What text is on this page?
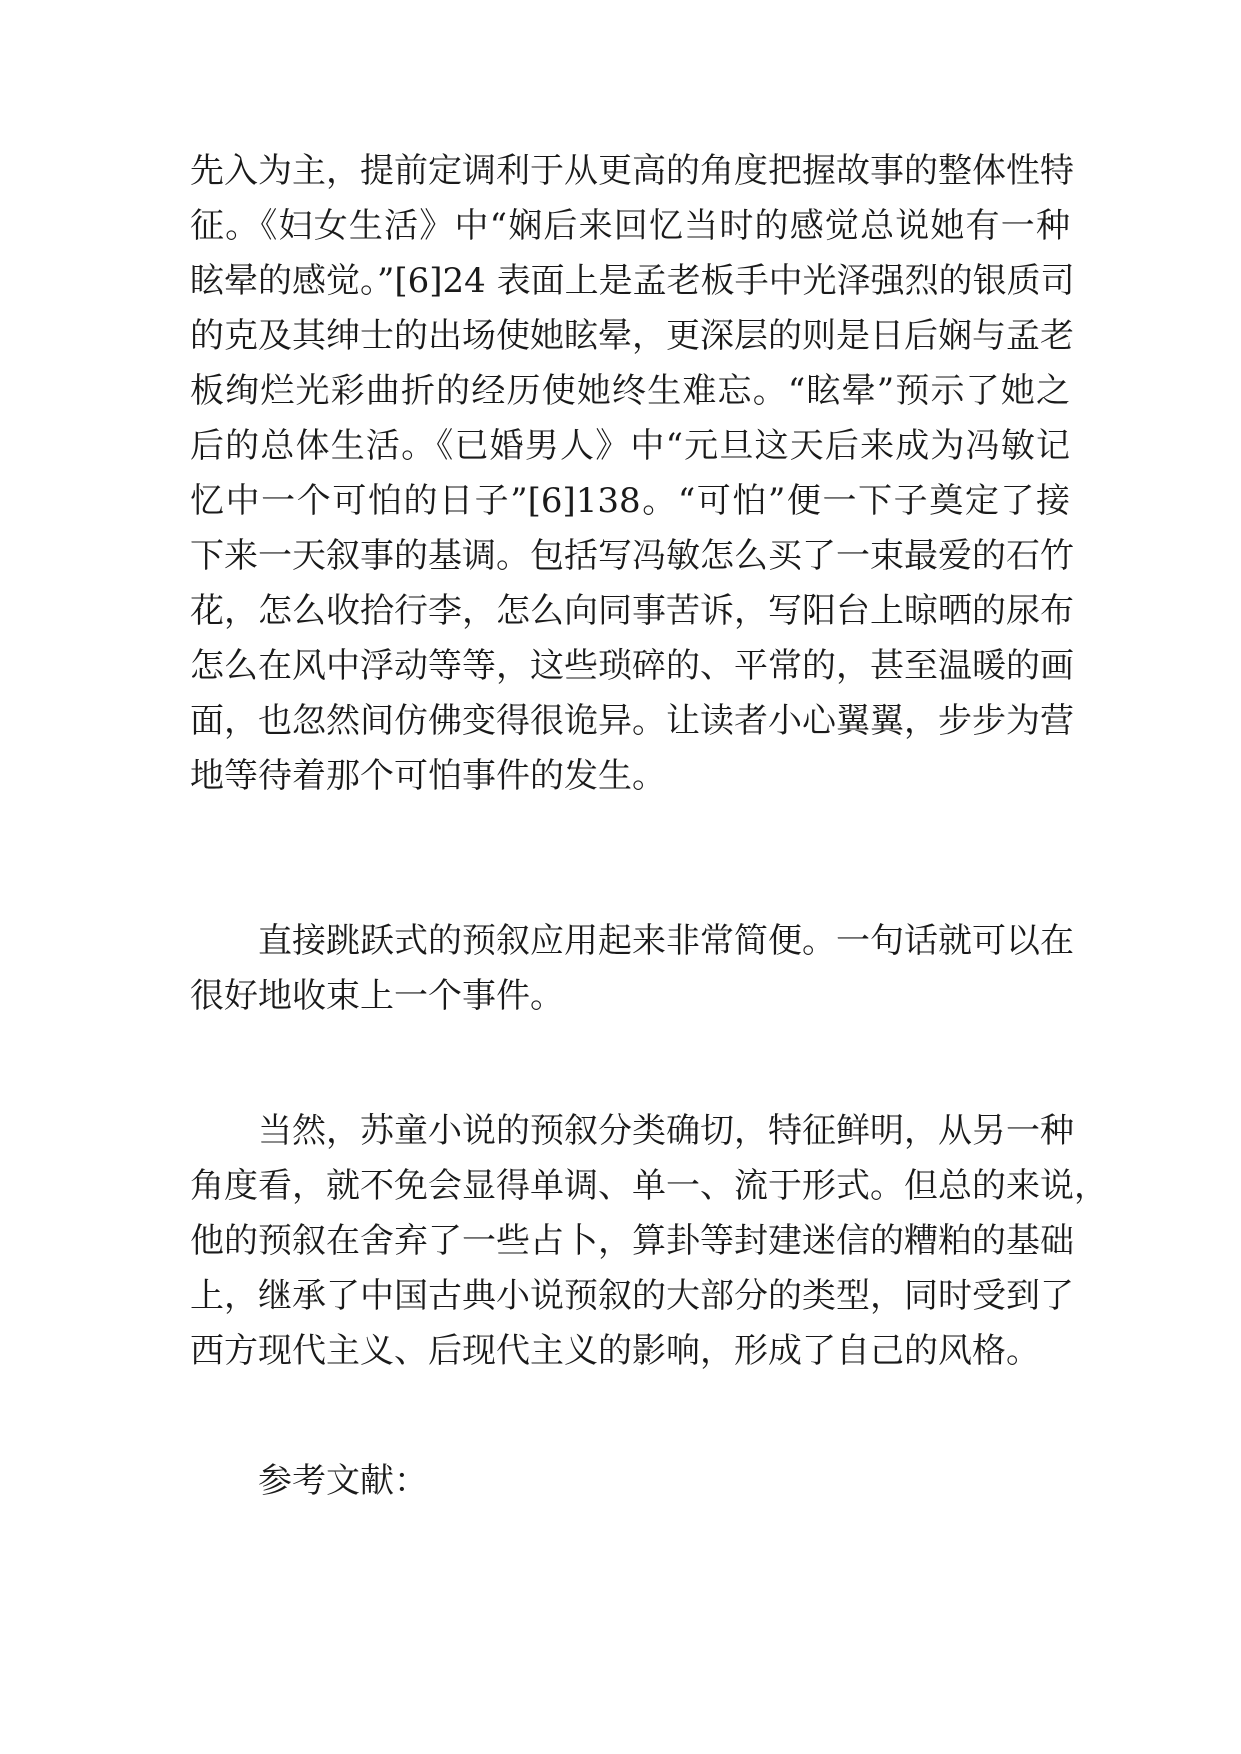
先入为主，提前定调利于从更高的角度把握故事的整体性特
征。《妇女生活》中“娴后来回忆当时的感觉总说她有一种
眩晕的感觉。”[6]24 表面上是孟老板手中光泽强烈的银质司
的克及其绅士的出场使她眩晕，更深层的则是日后娴与孟老
板绚烂光彩曲折的经历使她终生难忘。“眩晕”预示了她之
后的总体生活。《已婚男人》中“元旦这天后来成为冯敏记
忆中一个可怕的日子”[6]138。“可怕”便一下子奠定了接
下来一天叙事的基调。包括写冯敏怎么买了一束最爱的石竹
花，怎么收拾行李，怎么向同事苦诉，写阳台上晾晒的尿布
怎么在风中浮动等等，这些琐碎的、平常的，甚至温暖的画
面，也忽然间仿佛变得很诡异。让读者小心翼翼，步步为营
地等待着那个可怕事件的发生。
直接跳跃式的预叙应用起来非常简便。一句话就可以在
很好地收束上一个事件。
当然，苏童小说的预叙分类确切，特征鲜明，从另一种
角度看，就不免会显得单调、单一、流于形式。但总的来说，
他的预叙在舍弃了一些占卜，算卦等封建迷信的糟粕的基础
上，继承了中国古典小说预叙的大部分的类型，同时受到了
西方现代主义、后现代主义的影响，形成了自己的风格。
参考文献：
